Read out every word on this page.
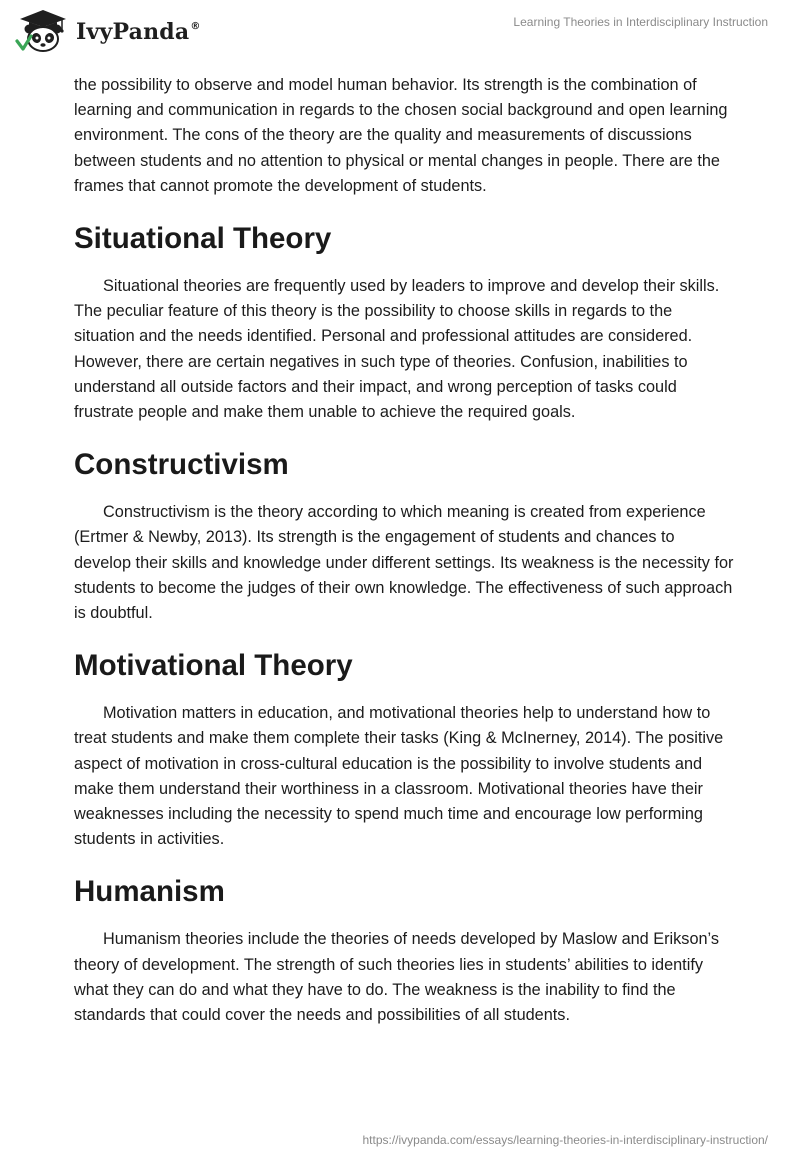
IvyPanda®	Learning Theories in Interdisciplinary Instruction

the possibility to observe and model human behavior. Its strength is the combination of learning and communication in regards to the chosen social background and open learning environment. The cons of the theory are the quality and measurements of discussions between students and no attention to physical or mental changes in people. There are the frames that cannot promote the development of students.

Situational Theory

Situational theories are frequently used by leaders to improve and develop their skills. The peculiar feature of this theory is the possibility to choose skills in regards to the situation and the needs identified. Personal and professional attitudes are considered. However, there are certain negatives in such type of theories. Confusion, inabilities to understand all outside factors and their impact, and wrong perception of tasks could frustrate people and make them unable to achieve the required goals.

Constructivism

Constructivism is the theory according to which meaning is created from experience (Ertmer & Newby, 2013). Its strength is the engagement of students and chances to develop their skills and knowledge under different settings. Its weakness is the necessity for students to become the judges of their own knowledge. The effectiveness of such approach is doubtful.

Motivational Theory

Motivation matters in education, and motivational theories help to understand how to treat students and make them complete their tasks (King & McInerney, 2014). The positive aspect of motivation in cross-cultural education is the possibility to involve students and make them understand their worthiness in a classroom. Motivational theories have their weaknesses including the necessity to spend much time and encourage low performing students in activities.

Humanism

Humanism theories include the theories of needs developed by Maslow and Erikson’s theory of development. The strength of such theories lies in students’ abilities to identify what they can do and what they have to do. The weakness is the inability to find the standards that could cover the needs and possibilities of all students.

https://ivypanda.com/essays/learning-theories-in-interdisciplinary-instruction/
